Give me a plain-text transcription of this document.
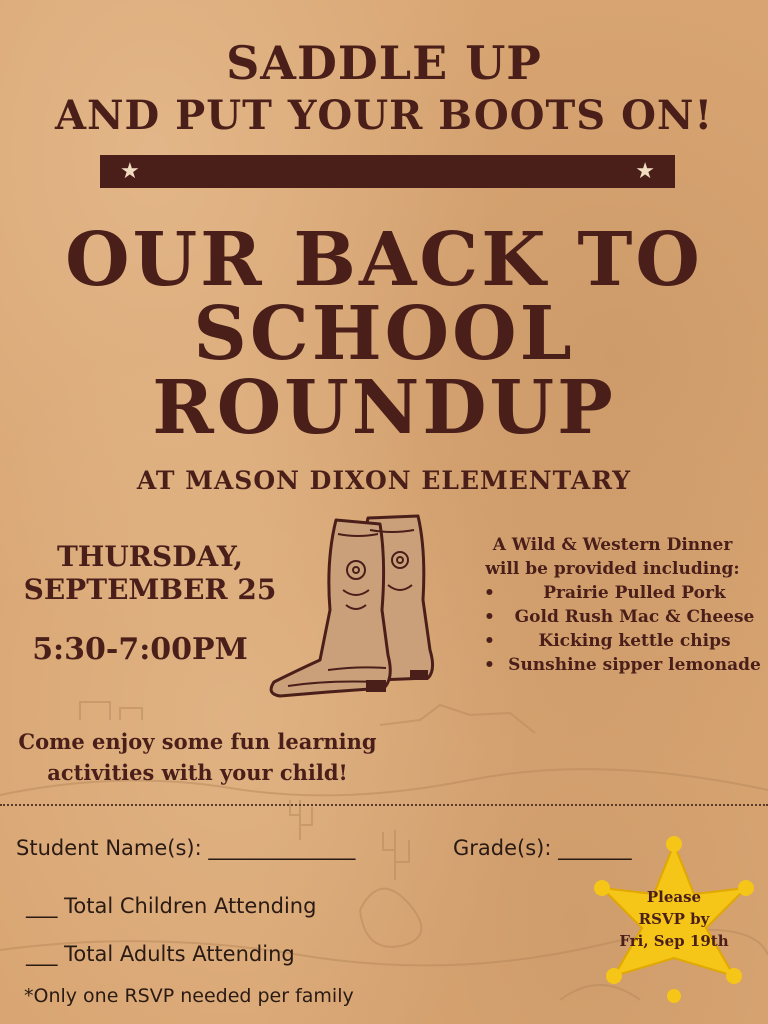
SADDLE UP
AND PUT YOUR BOOTS ON!
★	★
OUR BACK TO
SCHOOL
ROUNDUP
AT MASON DIXON ELEMENTARY
THURSDAY,
SEPTEMBER 25
5:30-7:00PM
A Wild & Western Dinner
will be provided including:
• Prairie Pulled Pork
• Gold Rush Mac & Cheese
• Kicking kettle chips
• Sunshine sipper lemonade
Come enjoy some fun learning
activities with your child!
Student Name(s): ______________	Grade(s): _______
___ Total Children Attending
___ Total Adults Attending
*Only one RSVP needed per family
Please
RSVP by
Fri, Sep 19th
